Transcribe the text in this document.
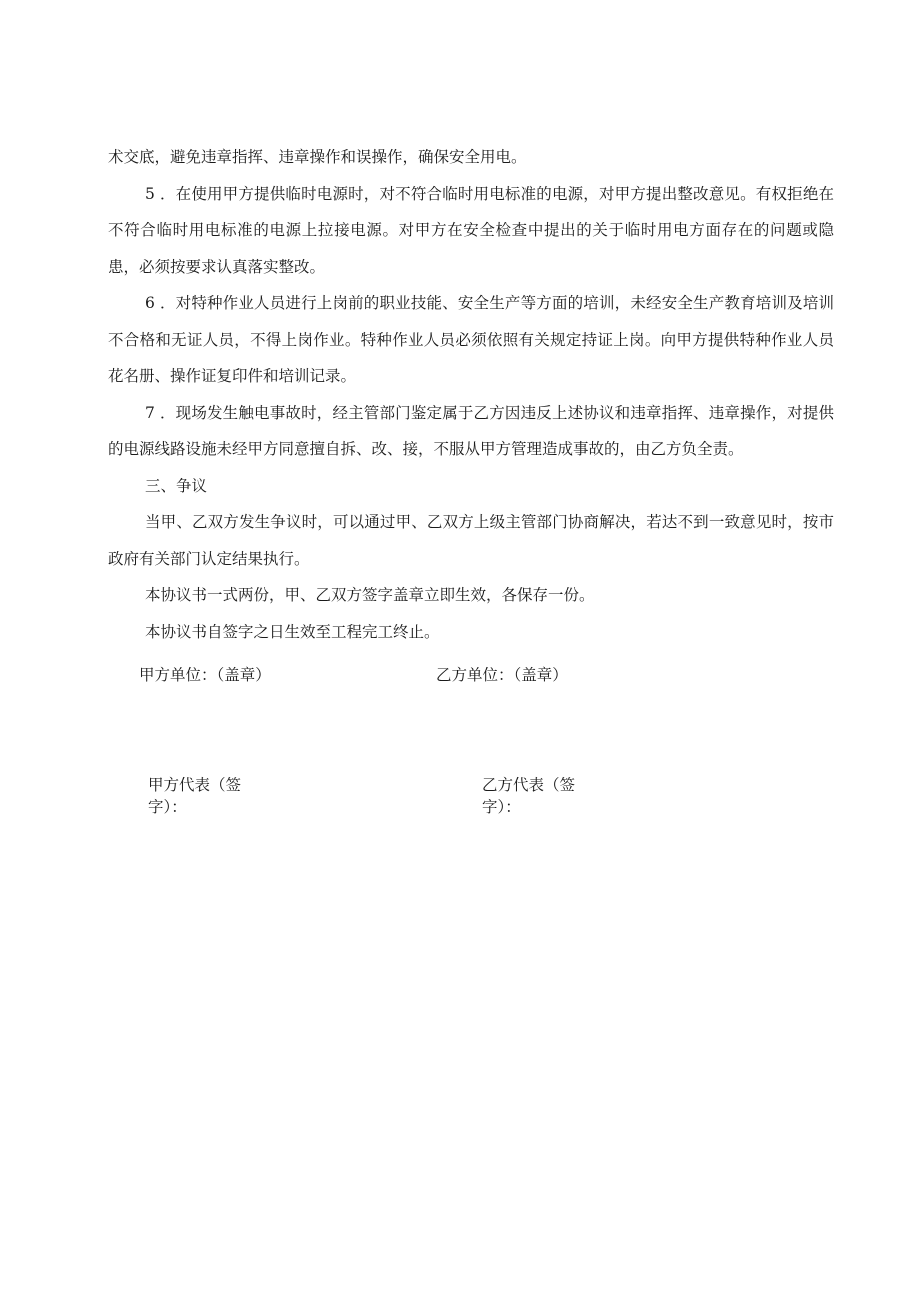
术交底，避免违章指挥、违章操作和误操作，确保安全用电。

5 ．在使用甲方提供临时电源时，对不符合临时用电标准的电源，对甲方提出整改意见。有权拒绝在不符合临时用电标准的电源上拉接电源。对甲方在安全检查中提出的关于临时用电方面存在的问题或隐患，必须按要求认真落实整改。

6 ．对特种作业人员进行上岗前的职业技能、安全生产等方面的培训，未经安全生产教育培训及培训不合格和无证人员，不得上岗作业。特种作业人员必须依照有关规定持证上岗。向甲方提供特种作业人员花名册、操作证复印件和培训记录。

7 ．现场发生触电事故时，经主管部门鉴定属于乙方因违反上述协议和违章指挥、违章操作，对提供的电源线路设施未经甲方同意擅自拆、改、接，不服从甲方管理造成事故的，由乙方负全责。

三、争议

当甲、乙双方发生争议时，可以通过甲、乙双方上级主管部门协商解决，若达不到一致意见时，按市政府有关部门认定结果执行。

本协议书一式两份，甲、乙双方签字盖章立即生效，各保存一份。

本协议书自签字之日生效至工程完工终止。

甲方单位：（盖章）	乙方单位：（盖章）
甲方代表（签字）：
乙方代表（签字）：
